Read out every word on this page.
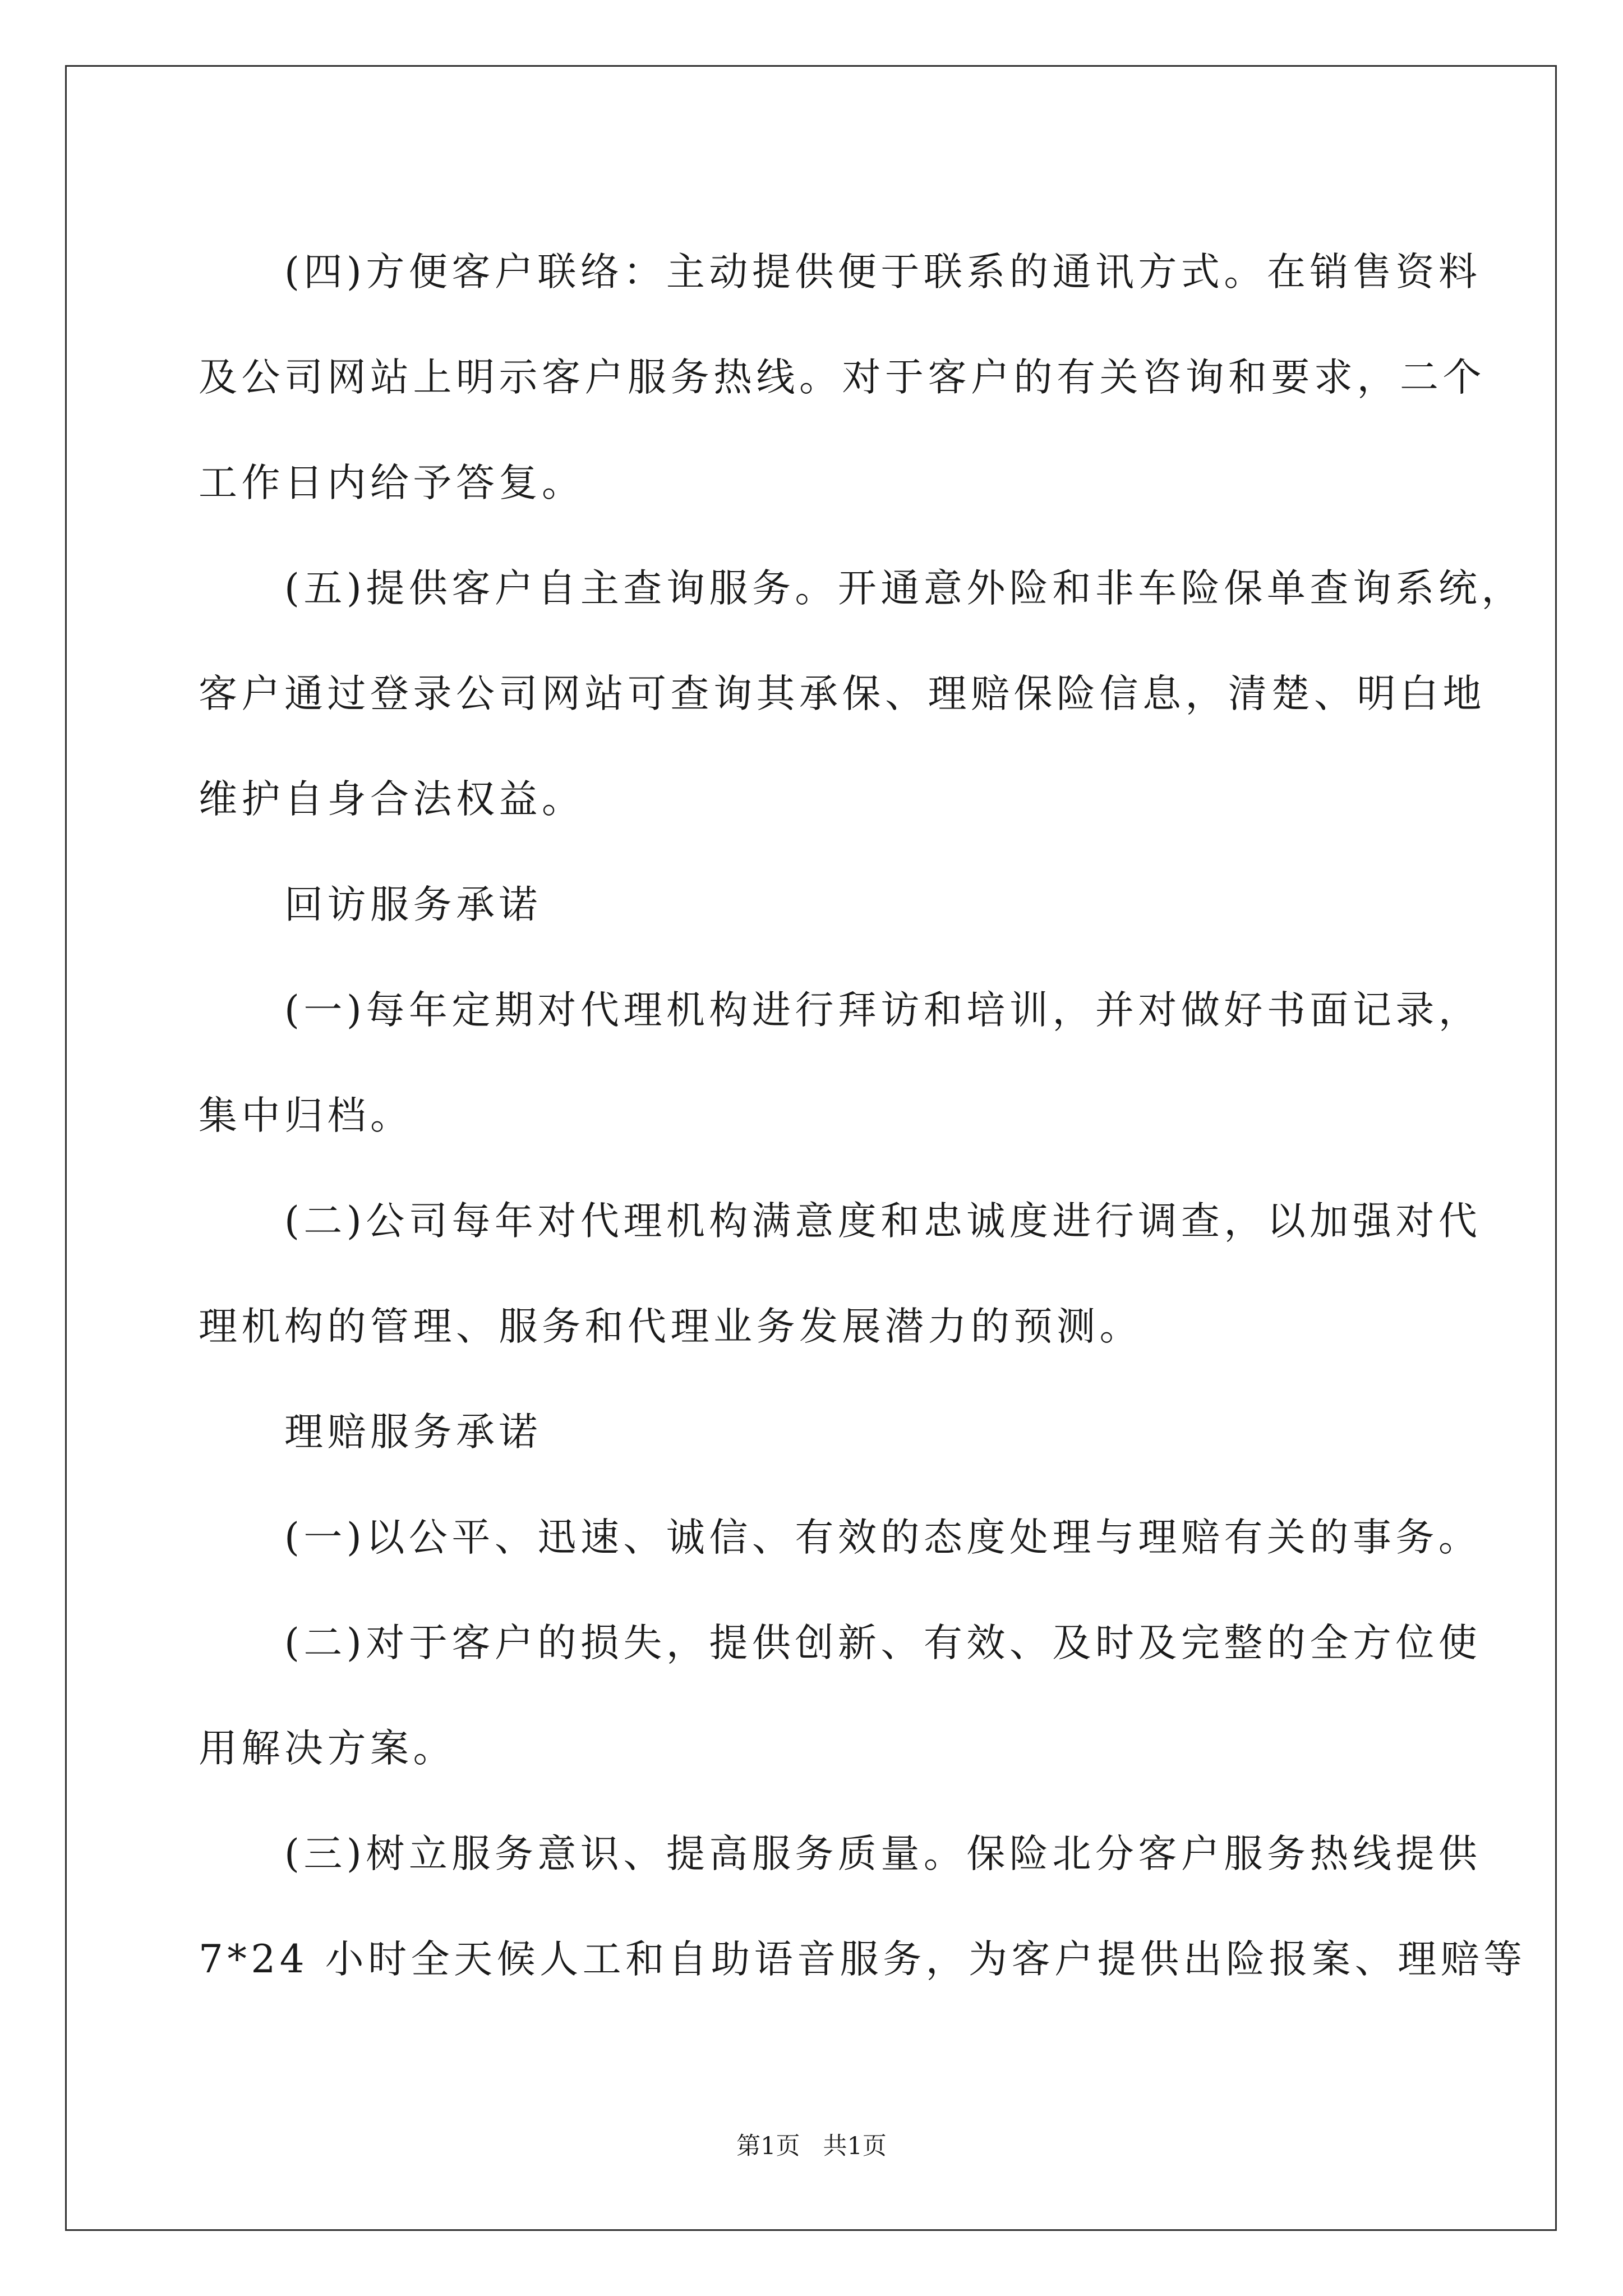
(四)方便客户联络：主动提供便于联系的通讯方式。在销售资料
及公司网站上明示客户服务热线。对于客户的有关咨询和要求，二个
工作日内给予答复。

(五)提供客户自主查询服务。开通意外险和非车险保单查询系统，
客户通过登录公司网站可查询其承保、理赔保险信息，清楚、明白地
维护自身合法权益。

回访服务承诺

(一)每年定期对代理机构进行拜访和培训，并对做好书面记录，
集中归档。

(二)公司每年对代理机构满意度和忠诚度进行调查，以加强对代
理机构的管理、服务和代理业务发展潜力的预测。

理赔服务承诺

(一)以公平、迅速、诚信、有效的态度处理与理赔有关的事务。

(二)对于客户的损失，提供创新、有效、及时及完整的全方位使
用解决方案。

(三)树立服务意识、提高服务质量。保险北分客户服务热线提供
7*24 小时全天候人工和自助语音服务，为客户提供出险报案、理赔等

第1页 共1页
